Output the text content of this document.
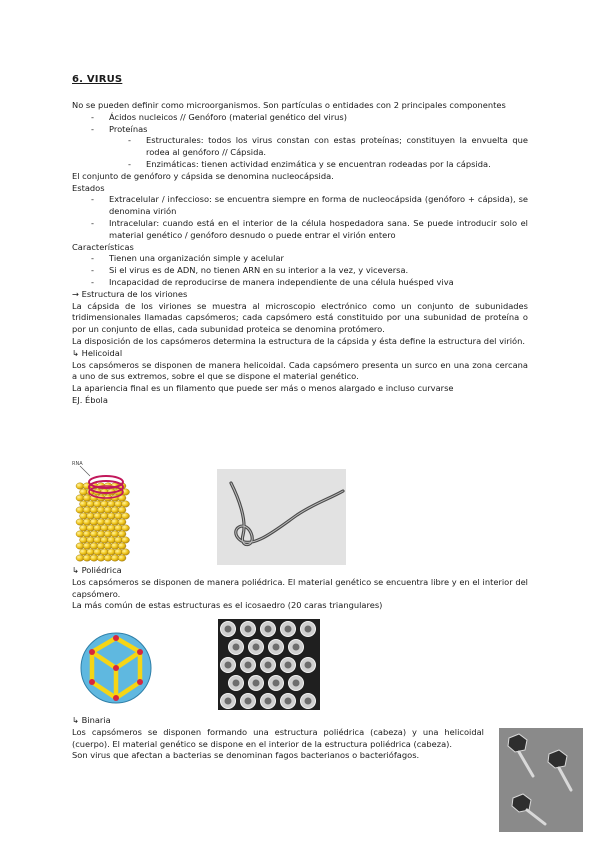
6. VIRUS

No se pueden definir como microorganismos. Son partículas o entidades con 2 principales componentes

- Ácidos nucleicos // Genóforo (material genético del virus)

- Proteínas

- Estructurales: todos los virus constan con estas proteínas; constituyen la envuelta que rodea al genóforo // Cápsida.

- Enzimáticas: tienen actividad enzimática y se encuentran rodeadas por la cápsida.

El conjunto de genóforo y cápsida se denomina nucleocápsida.

Estados

- Extracelular / infeccioso: se encuentra siempre en forma de nucleocápsida (genóforo + cápsida), se denomina virión

- Intracelular: cuando está en el interior de la célula hospedadora sana. Se puede introducir solo el material genético / genóforo desnudo o puede entrar el virión entero

Características

- Tienen una organización simple y acelular

- Si el virus es de ADN, no tienen ARN en su interior a la vez, y viceversa.

- Incapacidad de reproducirse de manera independiente de una célula huésped viva

→ Estructura de los viriones

La cápsida de los viriones se muestra al microscopio electrónico como un conjunto de subunidades tridimensionales llamadas capsómeros; cada capsómero está constituido por una subunidad de proteína o por un conjunto de ellas, cada subunidad proteica se denomina protómero.

La disposición de los capsómeros determina la estructura de la cápsida y ésta define la estructura del virión.

↳ Helicoidal

Los capsómeros se disponen de manera helicoidal. Cada capsómero presenta un surco en una zona cercana a uno de sus extremos, sobre el que se dispone el material genético.

La apariencia final es un filamento que puede ser más o menos alargado e incluso curvarse

EJ. Ébola

RNA

↳ Poliédrica

Los capsómeros se disponen de manera poliédrica. El material genético se encuentra libre y en el interior del capsómero.

La más común de estas estructuras es el icosaedro (20 caras triangulares)

↳ Binaria

Los capsómeros se disponen formando una estructura poliédrica (cabeza) y una helicoidal (cuerpo). El material genético se dispone en el interior de la estructura poliédrica (cabeza).

Son virus que afectan a bacterias se denominan fagos bacterianos o bacteriófagos.
